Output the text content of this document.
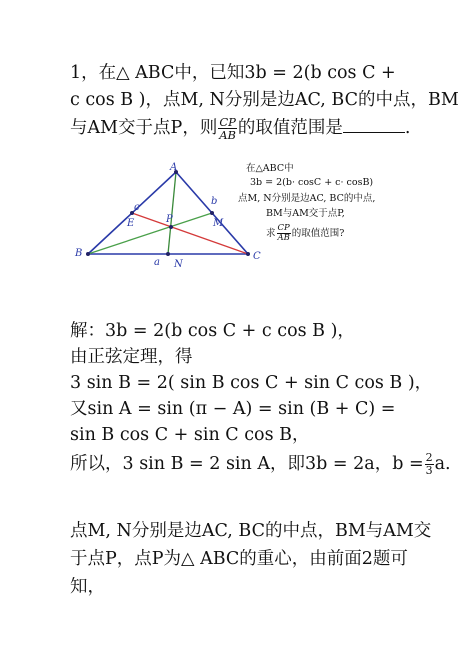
1，在△ ABC中，已知3b = 2(b cos C +
c cos B )，点M, N分别是边AC, BC的中点，BM
与AM交于点P，则 $\frac{CP}{AB}$ 的取值范围是	.
A
B	C
E	M
P
N
a
b
c
在△ABC中
3b = 2(b· cosC + c· cosB)
点M, N分别是边AC, BC的中点,
BM与AM交于点P,
求 $\frac{CP}{AB}$ 的取值范围?
解：3b = 2(b cos C + c cos B )，
由正弦定理，得
3 sin B = 2( sin B cos C + sin C cos B )，
又sin A = sin (π − A) = sin (B + C) =
sin B cos C + sin C cos B，
所以，3 sin B = 2 sin A，即3b = 2a，$b = \frac{2}{3} a$.
点M, N分别是边AC, BC的中点，BM与AM交
于点P，点P为△ ABC的重心，由前面2题可
知，
